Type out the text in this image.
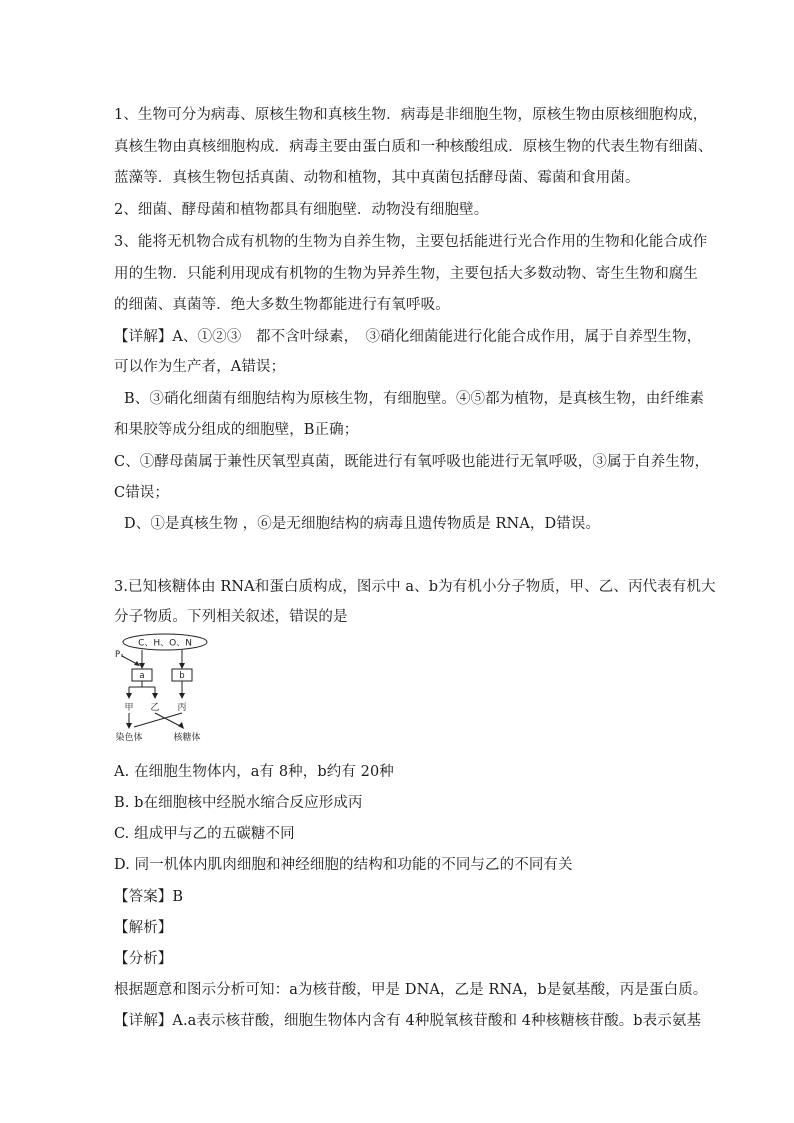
1、生物可分为病毒、原核生物和真核生物．病毒是非细胞生物，原核生物由原核细胞构成，
真核生物由真核细胞构成．病毒主要由蛋白质和一种核酸组成．原核生物的代表生物有细菌、
蓝藻等．真核生物包括真菌、动物和植物，其中真菌包括酵母菌、霉菌和食用菌。
2、细菌、酵母菌和植物都具有细胞壁．动物没有细胞壁。
3、能将无机物合成有机物的生物为自养生物，主要包括能进行光合作用的生物和化能合成作
用的生物．只能利用现成有机物的生物为异养生物，主要包括大多数动物、寄生生物和腐生
的细菌、真菌等．绝大多数生物都能进行有氧呼吸。
【详解】A、①②③　都不含叶绿素，　③硝化细菌能进行化能合成作用，属于自养型生物，
可以作为生产者，A错误；
B、③硝化细菌有细胞结构为原核生物，有细胞壁。④⑤都为植物，是真核生物，由纤维素
和果胶等成分组成的细胞壁，B正确；
C、①酵母菌属于兼性厌氧型真菌，既能进行有氧呼吸也能进行无氧呼吸，③属于自养生物，
C错误；
D、①是真核生物 ，⑥是无细胞结构的病毒且遗传物质是 RNA，D错误。
3.已知核糖体由 RNA和蛋白质构成，图示中 a、b为有机小分子物质，甲、乙、丙代表有机大
分子物质。下列相关叙述，错误的是
C、H、O、N
P
a	b
甲 乙 丙
染色体	核糖体
A. 在细胞生物体内，a有 8种，b约有 20种
B. b在细胞核中经脱水缩合反应形成丙
C. 组成甲与乙的五碳糖不同
D. 同一机体内肌肉细胞和神经细胞的结构和功能的不同与乙的不同有关
【答案】B
【解析】
【分析】
根据题意和图示分析可知：a为核苷酸，甲是 DNA，乙是 RNA，b是氨基酸，丙是蛋白质。
【详解】A.a表示核苷酸，细胞生物体内含有 4种脱氧核苷酸和 4种核糖核苷酸。b表示氨基
